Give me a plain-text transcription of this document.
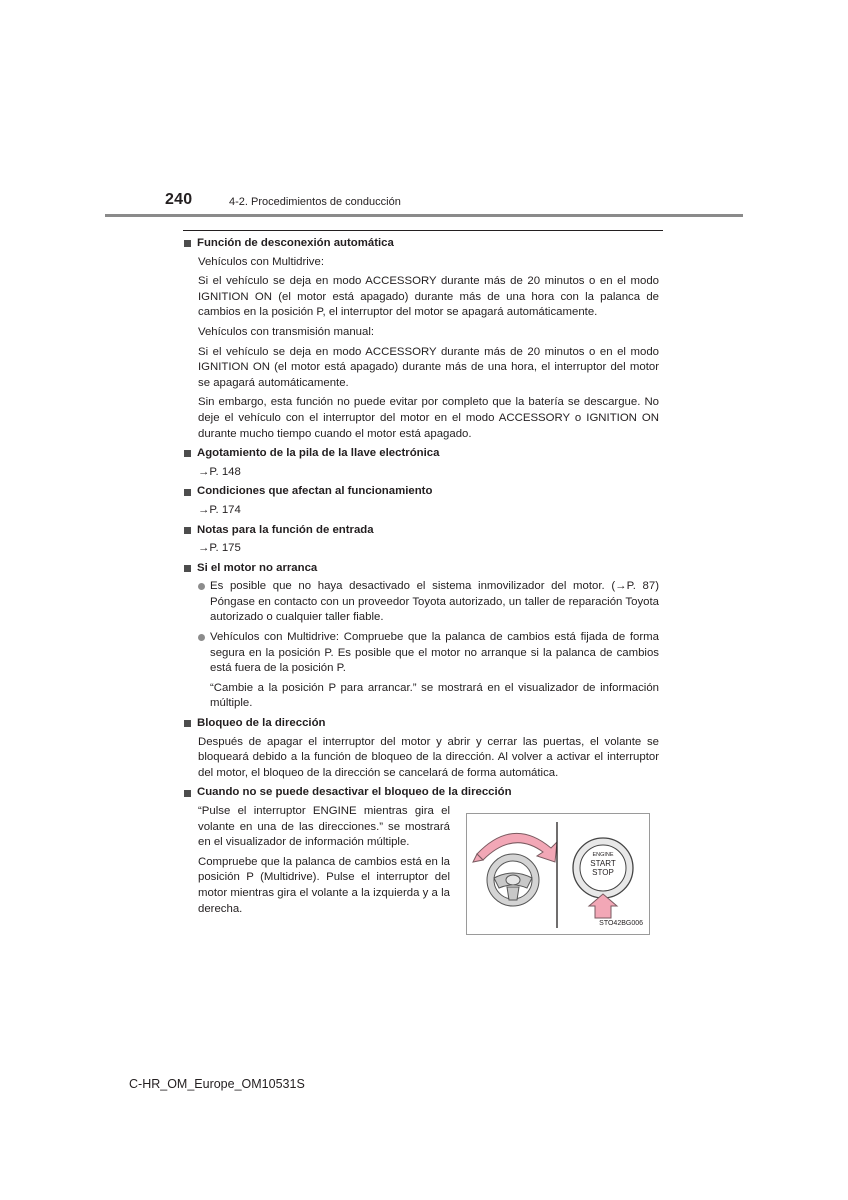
240	4-2. Procedimientos de conducción
Función de desconexión automática
Vehículos con Multidrive:
Si el vehículo se deja en modo ACCESSORY durante más de 20 minutos o en el modo IGNITION ON (el motor está apagado) durante más de una hora con la palanca de cambios en la posición P, el interruptor del motor se apagará automáticamente.
Vehículos con transmisión manual:
Si el vehículo se deja en modo ACCESSORY durante más de 20 minutos o en el modo IGNITION ON (el motor está apagado) durante más de una hora, el interruptor del motor se apagará automáticamente.
Sin embargo, esta función no puede evitar por completo que la batería se descargue. No deje el vehículo con el interruptor del motor en el modo ACCESSORY o IGNITION ON durante mucho tiempo cuando el motor está apagado.
Agotamiento de la pila de la llave electrónica
→P. 148
Condiciones que afectan al funcionamiento
→P. 174
Notas para la función de entrada
→P. 175
Si el motor no arranca
Es posible que no haya desactivado el sistema inmovilizador del motor. (→P. 87) Póngase en contacto con un proveedor Toyota autorizado, un taller de reparación Toyota autorizado o cualquier taller fiable.
Vehículos con Multidrive: Compruebe que la palanca de cambios está fijada de forma segura en la posición P. Es posible que el motor no arranque si la palanca de cambios está fuera de la posición P.
“Cambie a la posición P para arrancar.” se mostrará en el visualizador de información múltiple.
Bloqueo de la dirección
Después de apagar el interruptor del motor y abrir y cerrar las puertas, el volante se bloqueará debido a la función de bloqueo de la dirección. Al volver a activar el interruptor del motor, el bloqueo de la dirección se cancelará de forma automática.
Cuando no se puede desactivar el bloqueo de la dirección
“Pulse el interruptor ENGINE mientras gira el volante en una de las direcciones.” se mostrará en el visualizador de información múltiple.
Compruebe que la palanca de cambios está en la posición P (Multidrive). Pulse el interruptor del motor mientras gira el volante a la izquierda y a la derecha.
ENGINE
START
STOP
STO42BG006
C-HR_OM_Europe_OM10531S
